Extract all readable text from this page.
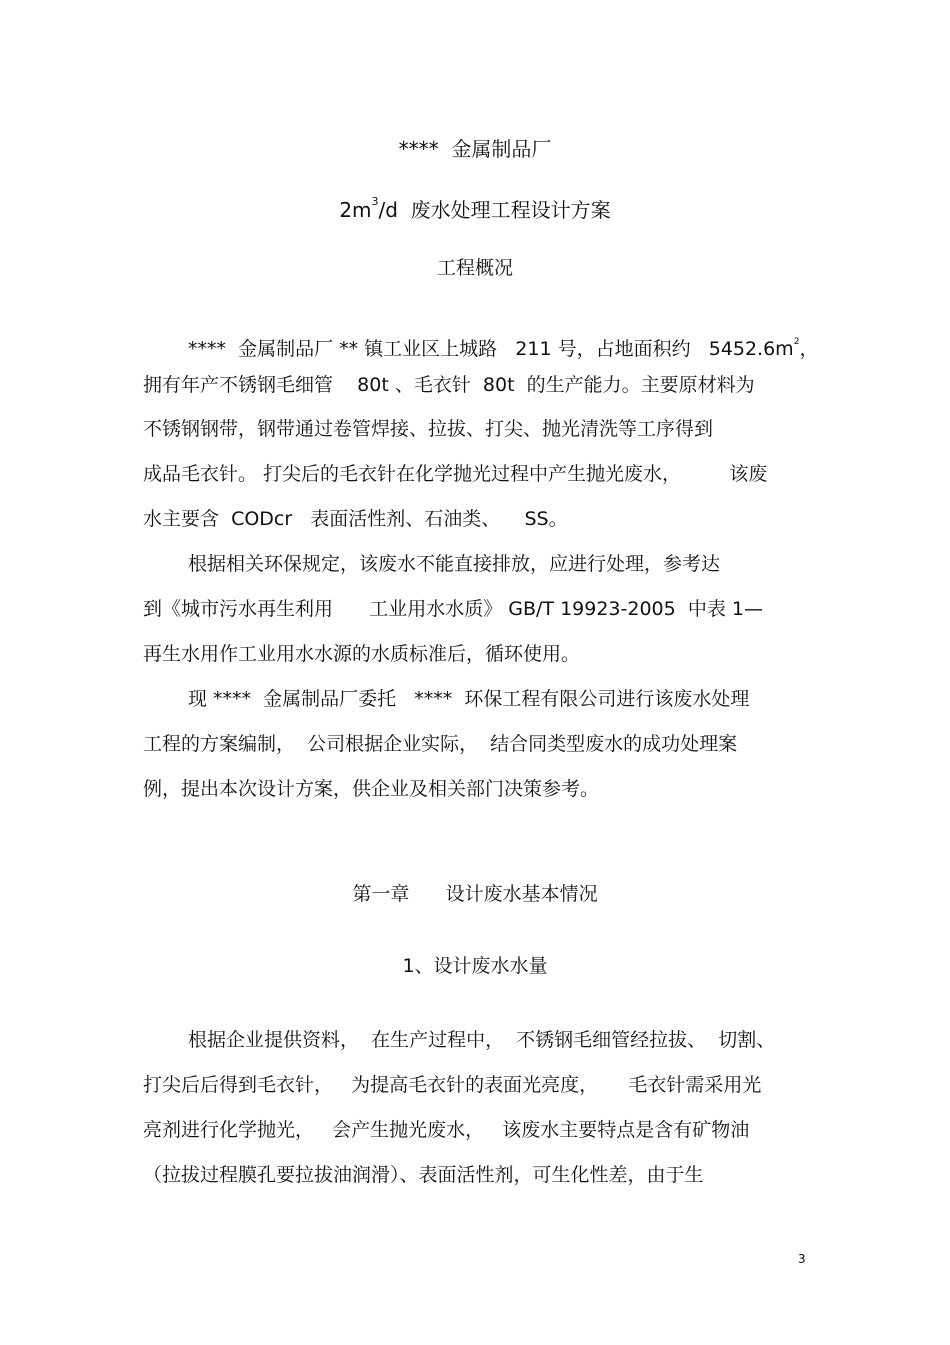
****  金属制品厂
$2m^3/d$  废水处理工程设计方案
工程概况
****  金属制品厂 ** 镇工业区上城路   211 号，占地面积约   $5452.6m^2$，
拥有年产不锈钢毛细管    80t 、毛衣针  80t  的生产能力。主要原材料为
不锈钢钢带，钢带通过卷管焊接、拉拔、打尖、抛光清洗等工序得到
成品毛衣针。 打尖后的毛衣针在化学抛光过程中产生抛光废水，        该废
水主要含  CODcr   表面活性剂、石油类、    SS。
根据相关环保规定，该废水不能直接排放，应进行处理，参考达
到《城市污水再生利用      工业用水水质》 GB/T 19923-2005  中表 1—
再生水用作工业用水水源的水质标准后，循环使用。
现 ****  金属制品厂委托   ****  环保工程有限公司进行该废水处理
工程的方案编制，  公司根据企业实际，  结合同类型废水的成功处理案
例，提出本次设计方案，供企业及相关部门决策参考。
第一章      设计废水基本情况
1、设计废水水量
根据企业提供资料，  在生产过程中，  不锈钢毛细管经拉拔、  切割、
打尖后后得到毛衣针，   为提高毛衣针的表面光亮度，     毛衣针需采用光
亮剂进行化学抛光，   会产生抛光废水，   该废水主要特点是含有矿物油
（拉拔过程膜孔要拉拔油润滑）、表面活性剂，可生化性差，由于生
3
